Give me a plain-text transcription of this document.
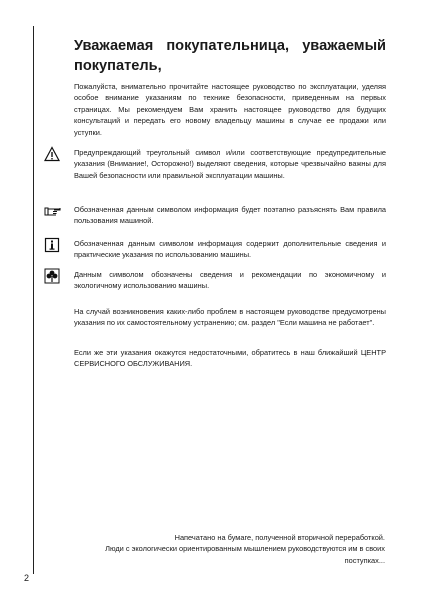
Уважаемая покупательница, уважаемый
покупатель,

Пожалуйста, внимательно прочитайте настоящее руководство по эксплуатации, уделяя особое внимание указаниям по технике безопасности, приведенным на первых страницах. Мы рекомендуем Вам хранить настоящее руководство для будущих консультаций и передать его новому владельцу машины в случае ее продажи или уступки.

Предупреждающий треугольный символ и/или соответствующие предупредительные указания (Внимание!, Осторожно!) выделяют сведения, которые чрезвычайно важны для Вашей безопасности или правильной эксплуатации машины.

Обозначенная данным символом информация будет поэтапно разъяснять Вам правила пользования машиной.

Обозначенная данным символом информация содержит дополнительные сведения и практические указания по использованию машины.

Данным символом обозначены сведения и рекомендации по экономичному и экологичному использованию машины.

На случай возникновения каких-либо проблем в настоящем руководстве предусмотрены указания по их самостоятельному устранению; см. раздел "Если машина не работает".

Если же эти указания окажутся недостаточными, обратитесь в наш ближайший ЦЕНТР СЕРВИСНОГО ОБСЛУЖИВАНИЯ.

Напечатано на бумаге, полученной вторичной переработкой.
Люди с экологически ориентированным мышлением руководствуются им в своих
поступках...

2
